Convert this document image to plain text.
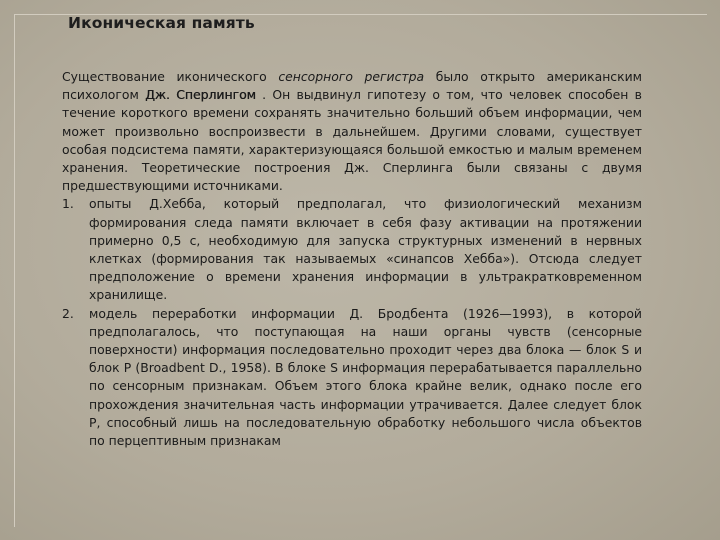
Иконическая память

Существование иконического сенсорного регистра было открыто американским психологом Дж. Сперлингом . Он выдвинул гипотезу о том, что человек способен в течение короткого времени сохранять значительно больший объем информации, чем может произвольно воспроизвести в дальнейшем. Другими словами, существует особая подсистема памяти, характеризующаяся большой емкостью и малым временем хранения. Теоретические построения Дж. Сперлинга были связаны с двумя предшествующими источниками.

1. опыты Д.Хебба, который предполагал, что физиологический механизм формирования следа памяти включает в себя фазу активации на протяжении примерно 0,5 с, необходимую для запуска структурных изменений в нервных клетках (формирования так называемых «синапсов Хебба»). Отсюда следует предположение о времени хранения информации в ультракратковременном хранилище.
2. модель переработки информации Д. Бродбента (1926—1993), в которой предполагалось, что поступающая на наши органы чувств (сенсорные поверхности) информация последовательно проходит через два блока — блок S и блок P (Broadbent D., 1958). В блоке S информация перерабатывается параллельно по сенсорным признакам. Объем этого блока крайне велик, однако после его прохождения значительная часть информации утрачивается. Далее следует блок P, способный лишь на последовательную обработку небольшого числа объектов по перцептивным признакам
